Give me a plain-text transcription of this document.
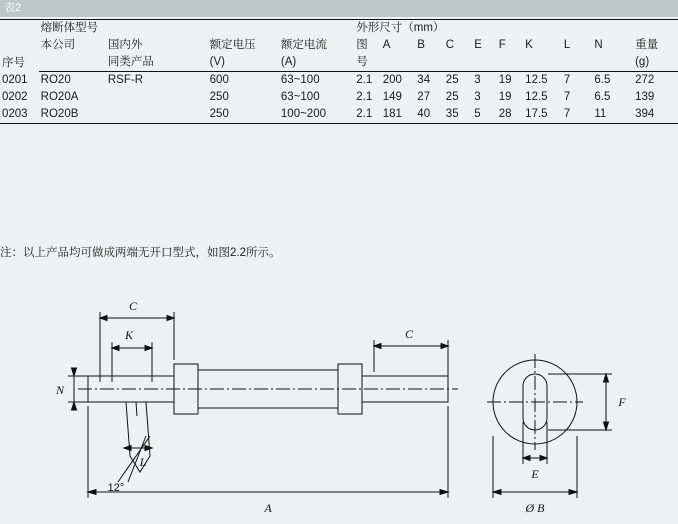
表2
序号	熔断体型号		额定电压	额定电流	外形尺寸（mm）									重量
	本公司	国内外			图	A	B	C	E	F	K	L	N	
		同类产品	(V)	(A)	号									(g)
0201	RO20	RSF-R	600	63~100	2.1	200	34	25	3	19	12.5	7	6.5	272
0202	RO20A		250	63~100	2.1	149	27	25	3	19	12.5	7	6.5	139
0203	RO20B		250	100~200	2.1	181	40	35	5	28	17.5	7	11	394
注：以上产品均可做成两端无开口型式，如图2.2所示。
C
K
N
C
L
12°
A
E
F
Ø B
